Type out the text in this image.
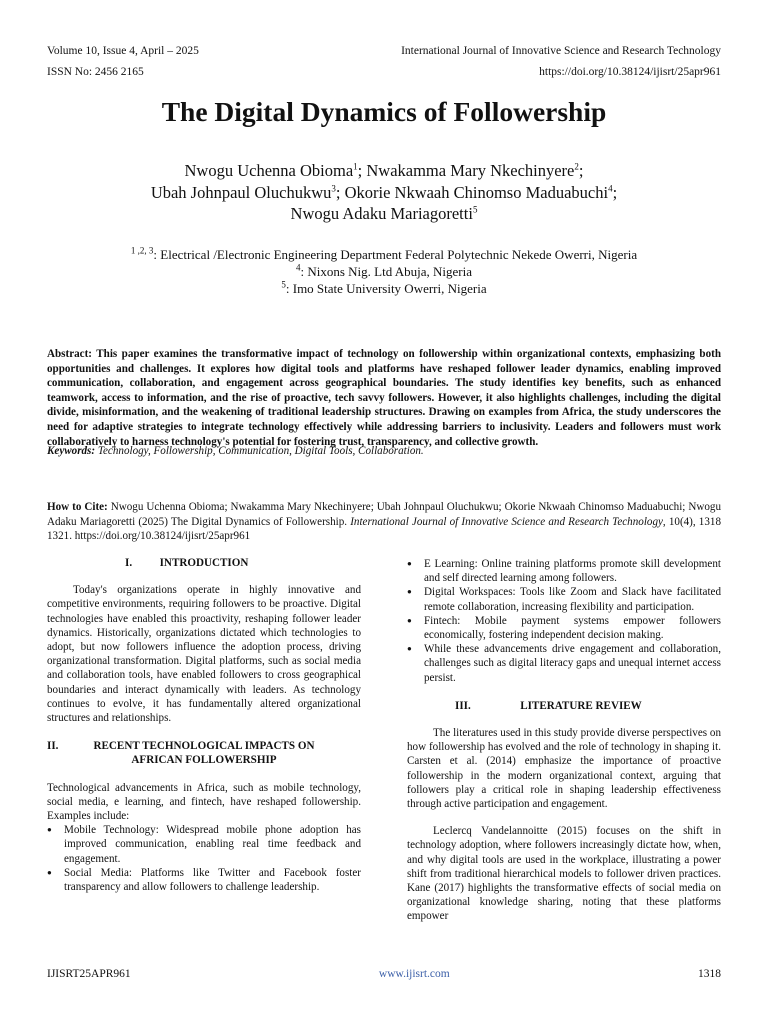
Volume 10, Issue 4, April – 2025	International Journal of Innovative Science and Research Technology
ISSN No: 2456 2165	https://doi.org/10.38124/ijisrt/25apr961
The Digital Dynamics of Followership
Nwogu Uchenna Obioma$^1$; Nwakamma Mary Nkechinyere$^2$;
Ubah Johnpaul Oluchukwu$^3$; Okorie Nkwaah Chinomso Maduabuchi$^4$;
Nwogu Adaku Mariagoretti$^5$
$^{1 ,2, 3}$: Electrical /Electronic Engineering Department Federal Polytechnic Nekede Owerri, Nigeria
$^4$: Nixons Nig. Ltd Abuja, Nigeria
$^5$: Imo State University Owerri, Nigeria
Abstract: This paper examines the transformative impact of technology on followership within organizational contexts, emphasizing both opportunities and challenges. It explores how digital tools and platforms have reshaped follower leader dynamics, enabling improved communication, collaboration, and engagement across geographical boundaries. The study identifies key benefits, such as enhanced teamwork, access to information, and the rise of proactive, tech savvy followers. However, it also highlights challenges, including the digital divide, misinformation, and the weakening of traditional leadership structures. Drawing on examples from Africa, the study underscores the need for adaptive strategies to integrate technology effectively while addressing barriers to inclusivity. Leaders and followers must work collaboratively to harness technology's potential for fostering trust, transparency, and collective growth.
Keywords: Technology, Followership, Communication, Digital Tools, Collaboration.
How to Cite: Nwogu Uchenna Obioma; Nwakamma Mary Nkechinyere; Ubah Johnpaul Oluchukwu; Okorie Nkwaah Chinomso Maduabuchi; Nwogu Adaku Mariagoretti (2025) The Digital Dynamics of Followership. International Journal of Innovative Science and Research Technology, 10(4), 1318 1321. https://doi.org/10.38124/ijisrt/25apr961
I. INTRODUCTION

Today's organizations operate in highly innovative and competitive environments, requiring followers to be proactive. Digital technologies have enabled this proactivity, reshaping follower leader dynamics. Historically, organizations dictated which technologies to adopt, but now followers influence the adoption process, driving organizational transformation. Digital platforms, such as social media and collaboration tools, have enabled followers to cross geographical boundaries and interact dynamically with leaders. As technology continues to evolve, it has fundamentally altered organizational structures and relationships.

II.	RECENT TECHNOLOGICAL IMPACTS ON
AFRICAN FOLLOWERSHIP

Technological advancements in Africa, such as mobile technology, social media, e learning, and fintech, have reshaped followership. Examples include:

● Mobile Technology: Widespread mobile phone adoption has improved communication, enabling real time feedback and engagement.
● Social Media: Platforms like Twitter and Facebook foster transparency and allow followers to challenge leadership.
● E Learning: Online training platforms promote skill development and self directed learning among followers.
● Digital Workspaces: Tools like Zoom and Slack have facilitated remote collaboration, increasing flexibility and participation.
● Fintech: Mobile payment systems empower followers economically, fostering independent decision making.
● While these advancements drive engagement and collaboration, challenges such as digital literacy gaps and unequal internet access persist.
III.	LITERATURE REVIEW

The literatures used in this study provide diverse perspectives on how followership has evolved and the role of technology in shaping it. Carsten et al. (2014) emphasize the importance of proactive followership in the modern organizational context, arguing that followers play a critical role in shaping leadership effectiveness through active participation and engagement.

Leclercq Vandelannoitte (2015) focuses on the shift in technology adoption, where followers increasingly dictate how, when, and why digital tools are used in the workplace, illustrating a power shift from traditional hierarchical models to follower driven practices. Kane (2017) highlights the transformative effects of social media on organizational knowledge sharing, noting that these platforms empower

IJISRT25APR961	www.ijisrt.com	1318
